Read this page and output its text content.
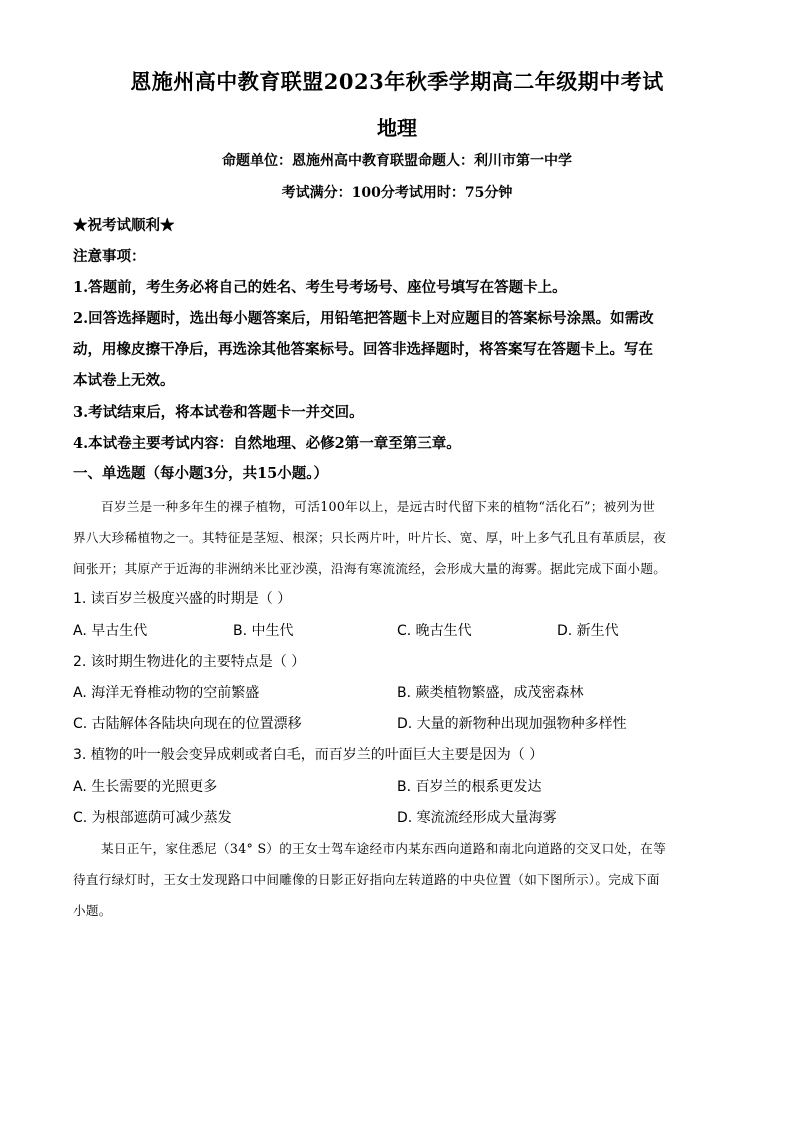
恩施州高中教育联盟2023年秋季学期高二年级期中考试
地理
命题单位：恩施州高中教育联盟命题人：利川市第一中学
考试满分：100分考试用时：75分钟
★祝考试顺利★
注意事项：
1.答题前，考生务必将自己的姓名、考生号考场号、座位号填写在答题卡上。
2.回答选择题时，选出每小题答案后，用铅笔把答题卡上对应题目的答案标号涂黑。如需改
动，用橡皮擦干净后，再选涂其他答案标号。回答非选择题时，将答案写在答题卡上。写在
本试卷上无效。
3.考试结束后，将本试卷和答题卡一并交回。
4.本试卷主要考试内容：自然地理、必修2第一章至第三章。
一、单选题（每小题3分，共15小题。）
百岁兰是一种多年生的裸子植物，可活100年以上，是远古时代留下来的植物“活化石”；被列为世
界八大珍稀植物之一。其特征是茎短、根深；只长两片叶，叶片长、宽、厚，叶上多气孔且有革质层，夜
间张开；其原产于近海的非洲纳米比亚沙漠，沿海有寒流流经，会形成大量的海雾。据此完成下面小题。
1. 读百岁兰极度兴盛的时期是（ ）
A. 早古生代	B. 中生代	C. 晚古生代	D. 新生代
2. 该时期生物进化的主要特点是（ ）
A. 海洋无脊椎动物的空前繁盛	B. 蕨类植物繁盛，成茂密森林
C. 古陆解体各陆块向现在的位置漂移	D. 大量的新物种出现加强物种多样性
3. 植物的叶一般会变异成刺或者白毛，而百岁兰的叶面巨大主要是因为（ ）
A. 生长需要的光照更多	B. 百岁兰的根系更发达
C. 为根部遮荫可减少蒸发	D. 寒流流经形成大量海雾
某日正午，家住悉尼（34° S）的王女士驾车途经市内某东西向道路和南北向道路的交叉口处，在等
待直行绿灯时，王女士发现路口中间雕像的日影正好指向左转道路的中央位置（如下图所示）。完成下面
小题。
